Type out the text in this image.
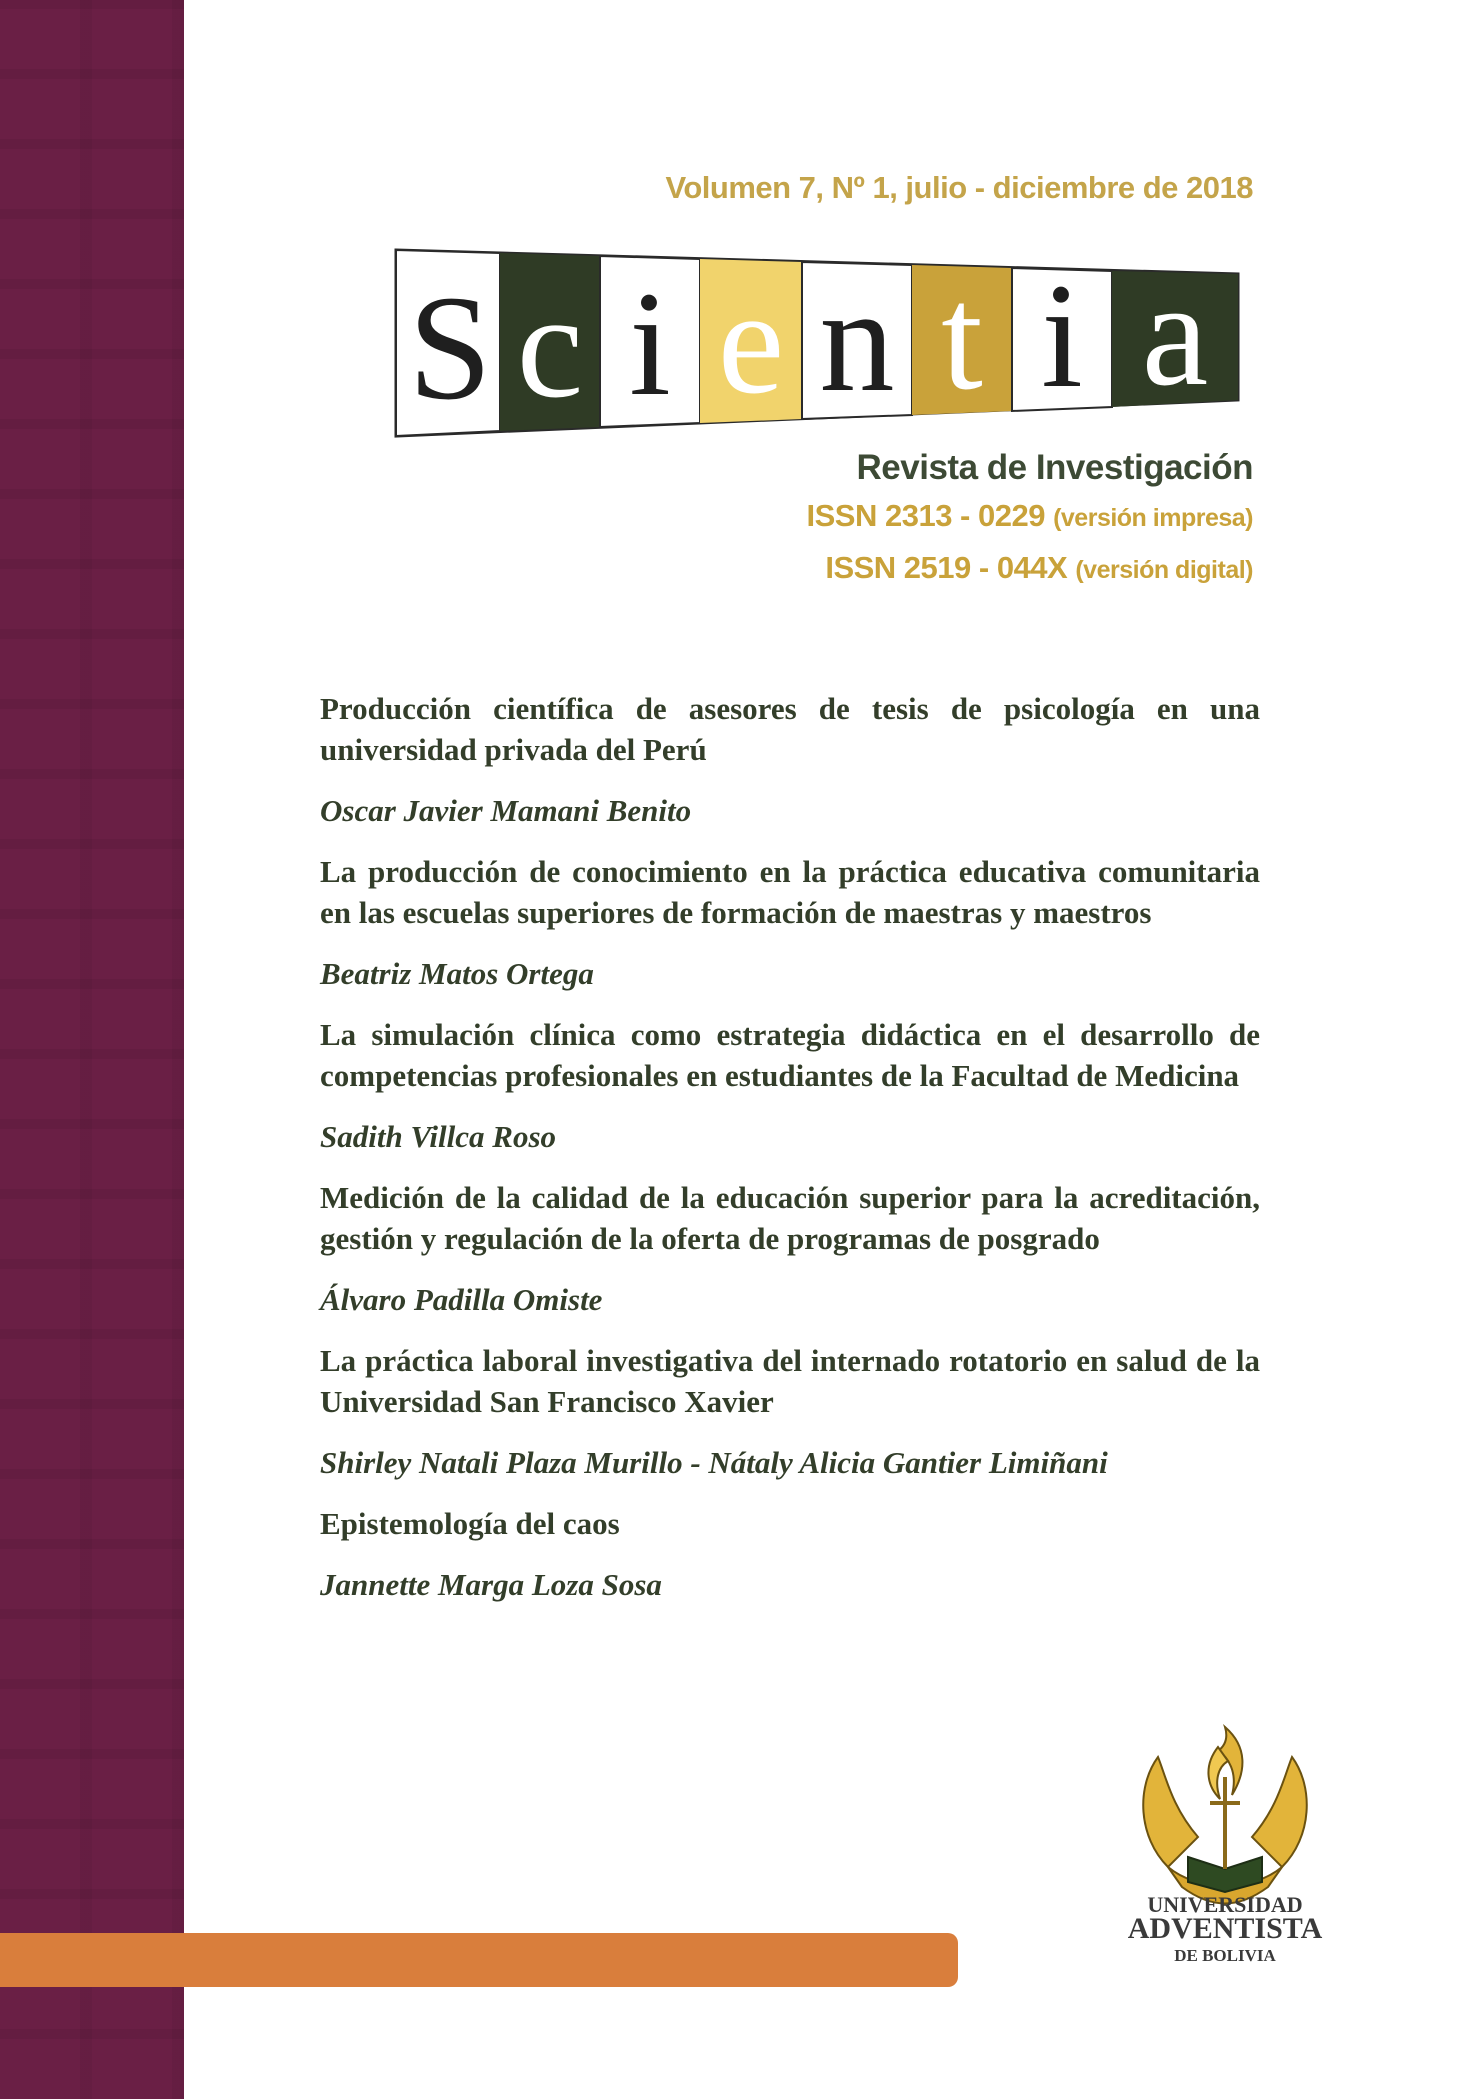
Volumen 7, Nº 1, julio - diciembre de 2018
S c i e n t i a
Revista de Investigación
ISSN 2313 - 0229 (versión impresa)
ISSN 2519 - 044X (versión digital)

Producción científica de asesores de tesis de psicología en una universidad privada del Perú

Oscar Javier Mamani Benito

La producción de conocimiento en la práctica educativa comunitaria en las escuelas superiores de formación de maestras y maestros

Beatriz Matos Ortega

La simulación clínica como estrategia didáctica en el desarrollo de competencias profesionales en estudiantes de la Facultad de Medicina

Sadith Villca Roso

Medición de la calidad de la educación superior para la acreditación, gestión y regulación de la oferta de programas de posgrado

Álvaro Padilla Omiste

La práctica laboral investigativa del internado rotatorio en salud de la Universidad San Francisco Xavier

Shirley Natali Plaza Murillo - Nátaly Alicia Gantier Limiñani

Epistemología del caos

Jannette Marga Loza Sosa

UNIVERSIDAD
ADVENTISTA
DE BOLIVIA
